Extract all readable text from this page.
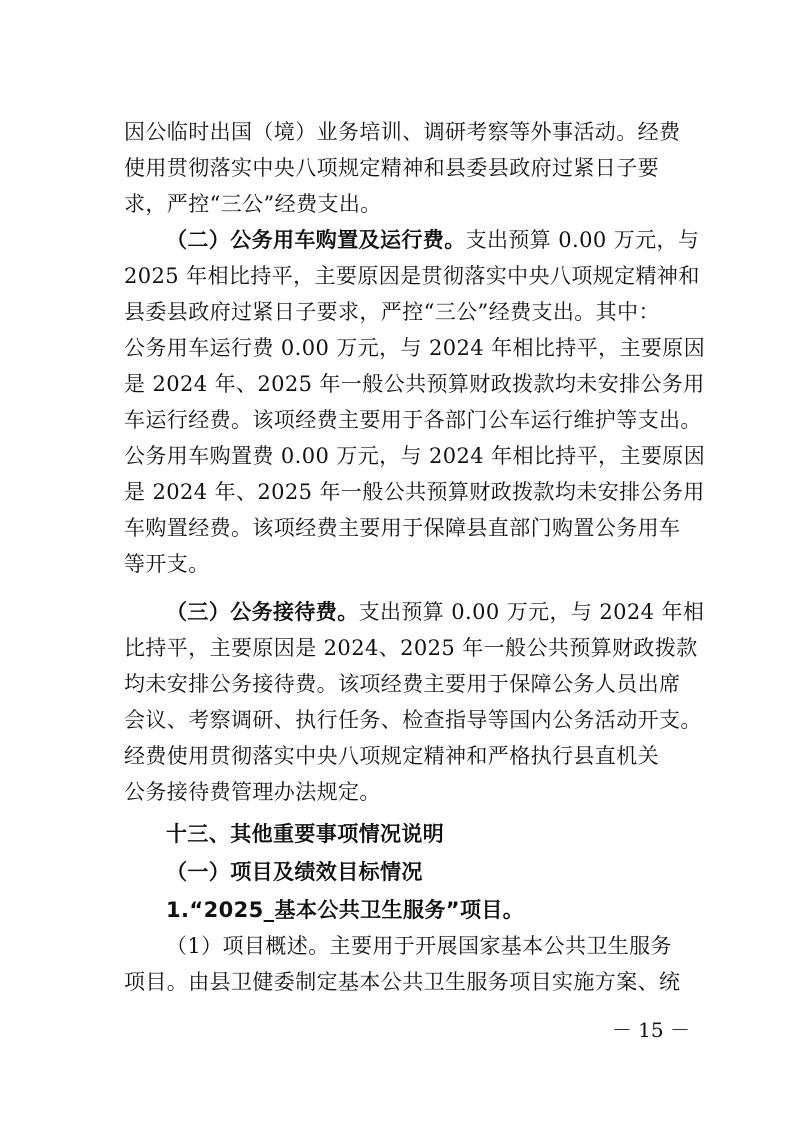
因公临时出国（境）业务培训、调研考察等外事活动。经费
使用贯彻落实中央八项规定精神和县委县政府过紧日子要
求，严控“三公”经费支出。
（二）公务用车购置及运行费。支出预算 0.00 万元，与
2025 年相比持平，主要原因是贯彻落实中央八项规定精神和
县委县政府过紧日子要求，严控“三公”经费支出。其中：
公务用车运行费 0.00 万元，与 2024 年相比持平，主要原因
是 2024 年、2025 年一般公共预算财政拨款均未安排公务用
车运行经费。该项经费主要用于各部门公车运行维护等支出。
公务用车购置费 0.00 万元，与 2024 年相比持平，主要原因
是 2024 年、2025 年一般公共预算财政拨款均未安排公务用
车购置经费。该项经费主要用于保障县直部门购置公务用车
等开支。
（三）公务接待费。支出预算 0.00 万元，与 2024 年相
比持平，主要原因是 2024、2025 年一般公共预算财政拨款
均未安排公务接待费。该项经费主要用于保障公务人员出席
会议、考察调研、执行任务、检查指导等国内公务活动开支。
经费使用贯彻落实中央八项规定精神和严格执行县直机关
公务接待费管理办法规定。
十三、其他重要事项情况说明
（一）项目及绩效目标情况
1.“2025_基本公共卫生服务”项目。
（1）项目概述。主要用于开展国家基本公共卫生服务
项目。由县卫健委制定基本公共卫生服务项目实施方案、统
－ 15 －
